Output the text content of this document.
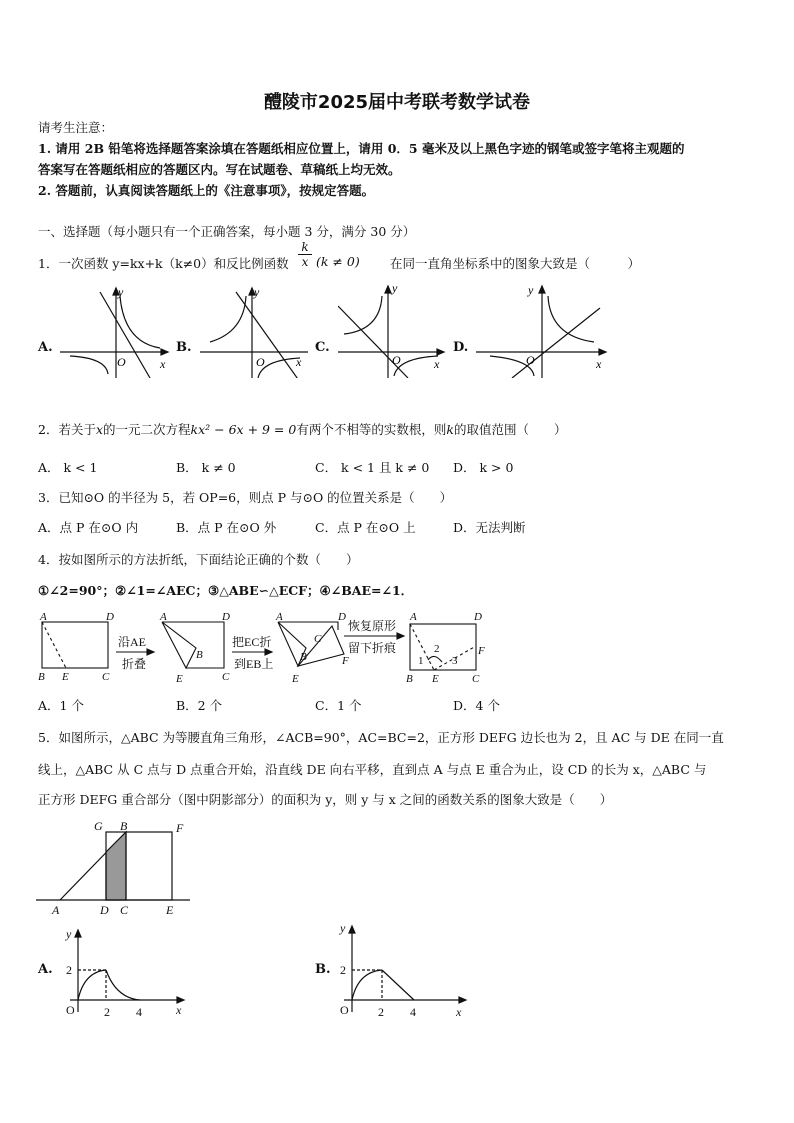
醴陵市2025届中考联考数学试卷
请考生注意：
1. 请用 2B 铅笔将选择题答案涂填在答题纸相应位置上，请用 0．5 毫米及以上黑色字迹的钢笔或签字笔将主观题的
答案写在答题纸相应的答题区内。写在试题卷、草稿纸上均无效。
2. 答题前，认真阅读答题纸上的《注意事项》，按规定答题。
一、选择题（每小题只有一个正确答案，每小题 3 分，满分 30 分）
1．一次函数 y=kx+k（k≠0）和反比例函数 $\frac{k}{x}$
(k ≠ 0) 在同一直角坐标系中的图象大致是（　　　）
A.	B.	C.	D.
y
x
O
y
x
O
y
x
O
y
x
O
2．若关于x的一元二次方程kx² − 6x + 9 = 0有两个不相等的实数根，则k的取值范围（　　）
A． k < 1	B． k ≠ 0	C． k < 1 且 k ≠ 0 D． k > 0
3．已知⊙O 的半径为 5，若 OP=6，则点 P 与⊙O 的位置关系是（　　）
A．点 P 在⊙O 内	B．点 P 在⊙O 外	C．点 P 在⊙O 上	D．无法判断
4．按如图所示的方法折纸，下面结论正确的个数（　　）
①∠2=90°；②∠1=∠AEC；③△ABE∽△ECF；④∠BAE=∠1．
A	D
B E	C
A	D
B
E	C
A	D
C
B	F
E
A	D
F
B E	C
1
2
3
沿AE
折叠
把EC折
到EB上
恢复原形
留下折痕
A．1 个	B．2 个	C．1 个	D．4 个
5．如图所示，△ABC 为等腰直角三角形，∠ACB=90°，AC=BC=2，正方形 DEFG 边长也为 2，且 AC 与 DE 在同一直
线上，△ABC 从 C 点与 D 点重合开始，沿直线 DE 向右平移，直到点 A 与点 E 重合为止，设 CD 的长为 x，△ABC 与
正方形 DEFG 重合部分（图中阴影部分）的面积为 y，则 y 与 x 之间的函数关系的图象大致是（　　）
G B	F
A	D C	E
A.	B.
y
x
2
2 4
O
y
x
2
2 4
O
